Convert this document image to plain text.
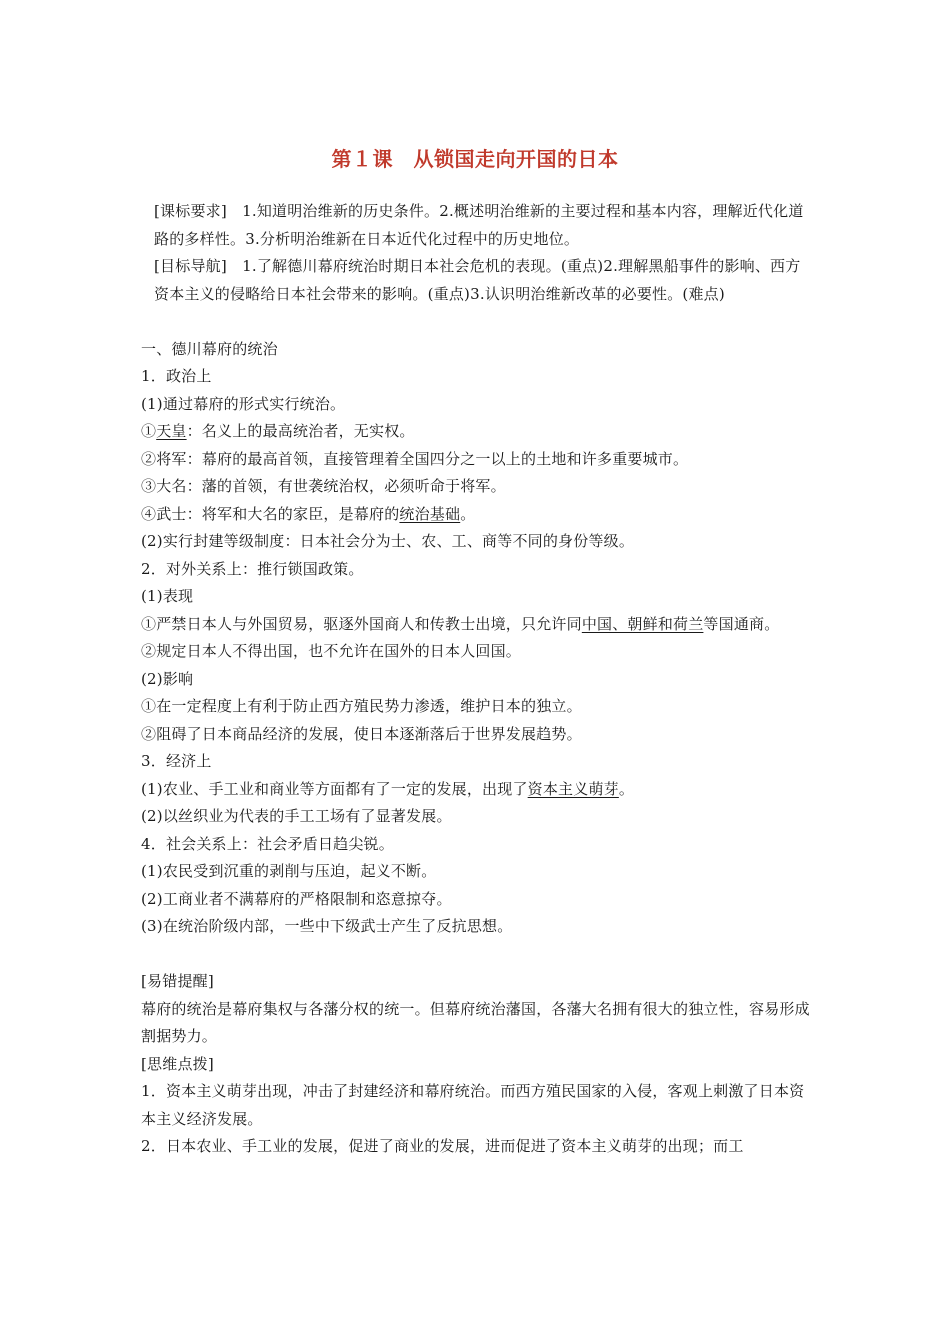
第１课　从锁国走向开国的日本

[课标要求]　 1.知道明治维新的历史条件。2.概述明治维新的主要过程和基本内容，理解近代化道路的多样性。3.分析明治维新在日本近代化过程中的历史地位。

[目标导航]　 1.了解德川幕府统治时期日本社会危机的表现。(重点)2.理解黑船事件的影响、西方资本主义的侵略给日本社会带来的影响。(重点)3.认识明治维新改革的必要性。(难点)

一、德川幕府的统治

1．政治上

(1)通过幕府的形式实行统治。

①天皇：名义上的最高统治者，无实权。

②将军：幕府的最高首领，直接管理着全国四分之一以上的土地和许多重要城市。

③大名：藩的首领，有世袭统治权，必须听命于将军。

④武士：将军和大名的家臣，是幕府的统治基础。

(2)实行封建等级制度：日本社会分为士、农、工、商等不同的身份等级。

2．对外关系上：推行锁国政策。

(1)表现

①严禁日本人与外国贸易，驱逐外国商人和传教士出境，只允许同中国、朝鲜和荷兰等国通商。

②规定日本人不得出国，也不允许在国外的日本人回国。

(2)影响

①在一定程度上有利于防止西方殖民势力渗透，维护日本的独立。

②阻碍了日本商品经济的发展，使日本逐渐落后于世界发展趋势。

3．经济上

(1)农业、手工业和商业等方面都有了一定的发展，出现了资本主义萌芽。

(2)以丝织业为代表的手工工场有了显著发展。

4．社会关系上：社会矛盾日趋尖锐。

(1)农民受到沉重的剥削与压迫，起义不断。

(2)工商业者不满幕府的严格限制和恣意掠夺。

(3)在统治阶级内部，一些中下级武士产生了反抗思想。

[易错提醒]

幕府的统治是幕府集权与各藩分权的统一。但幕府统治藩国，各藩大名拥有很大的独立性，容易形成割据势力。

[思维点拨]

1．资本主义萌芽出现，冲击了封建经济和幕府统治。而西方殖民国家的入侵，客观上刺激了日本资本主义经济发展。

2．日本农业、手工业的发展，促进了商业的发展，进而促进了资本主义萌芽的出现；而工
